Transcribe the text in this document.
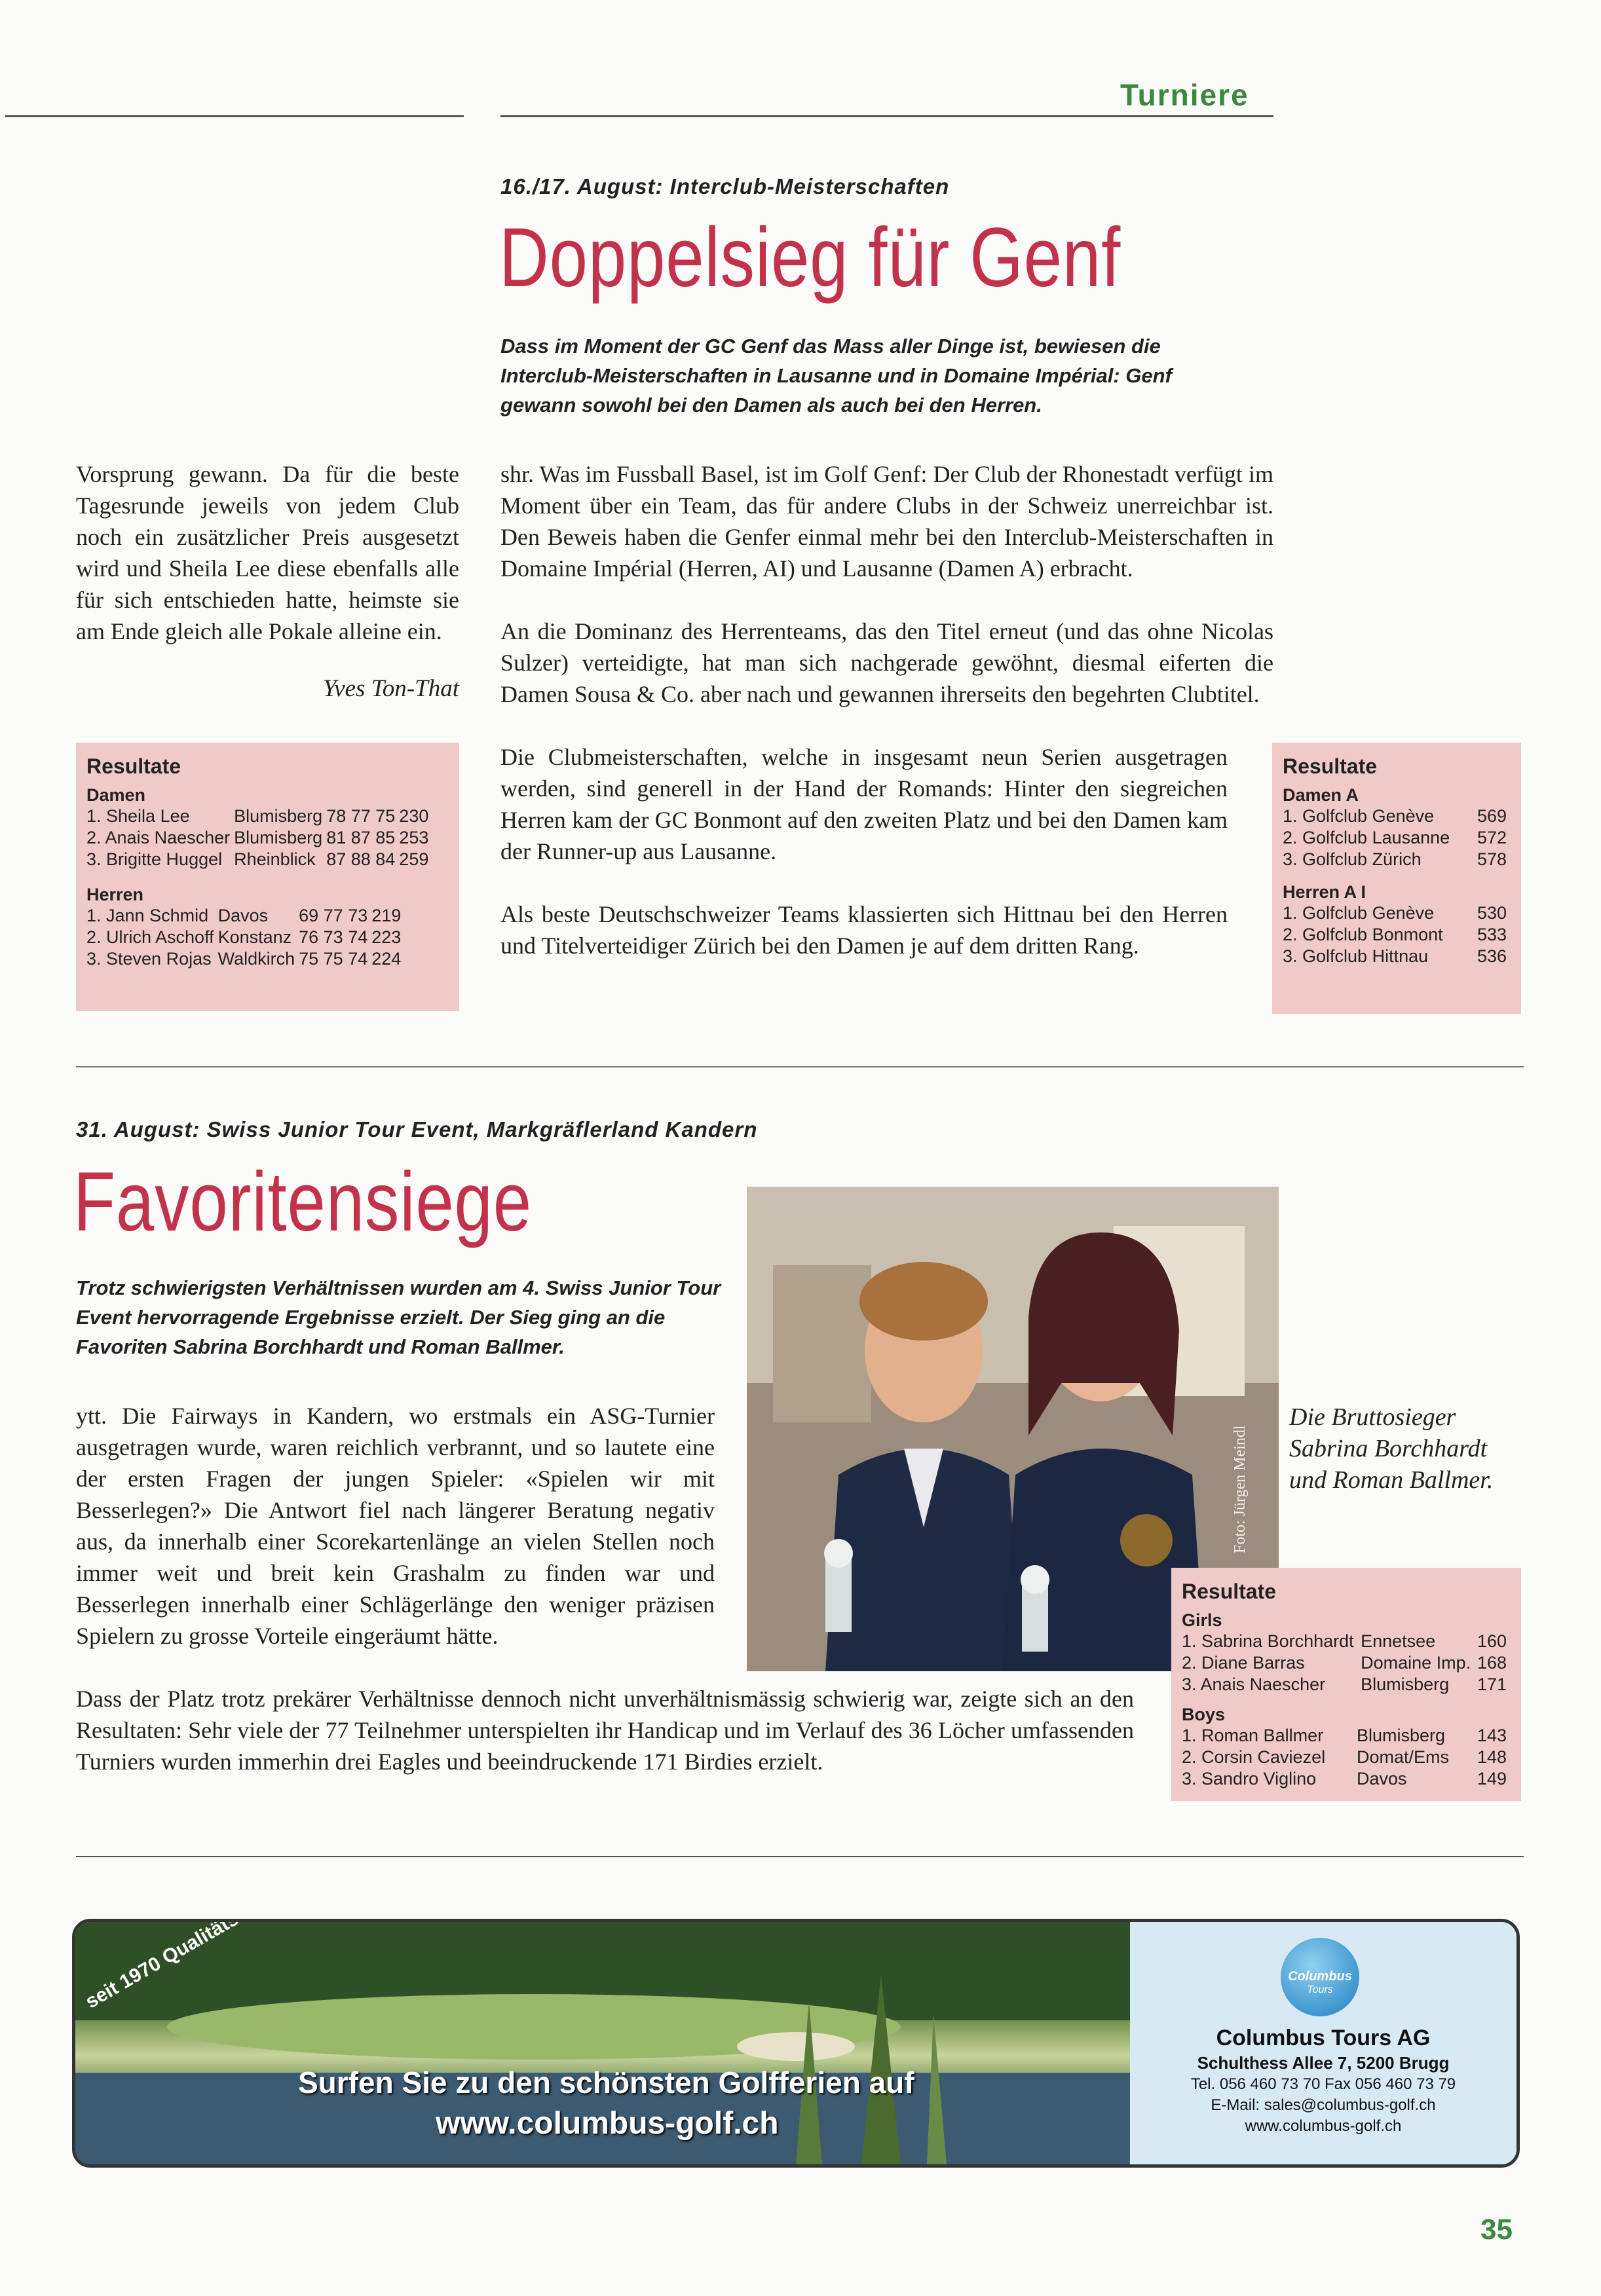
Turniere
16./17. August: Interclub-Meisterschaften
Doppelsieg für Genf
Dass im Moment der GC Genf das Mass aller Dinge ist, bewiesen die Interclub-Meisterschaften in Lausanne und in Domaine Impérial: Genf gewann sowohl bei den Damen als auch bei den Herren.
Vorsprung gewann. Da für die beste Tagesrunde jeweils von jedem Club noch ein zusätzlicher Preis ausgesetzt wird und Sheila Lee diese ebenfalls alle für sich entschieden hatte, heimste sie am Ende gleich alle Pokale alleine ein.
Yves Ton-That
Resultate
Damen
1. Sheila Lee	Blumisberg	78 77 75	230
2. Anais Naescher	Blumisberg	81 87 85	253
3. Brigitte Huggel	Rheinblick	87 88 84	259
Herren
1. Jann Schmid	Davos	69 77 73	219
2. Ulrich Aschoff	Konstanz	76 73 74	223
3. Steven Rojas	Waldkirch	75 75 74	224

shr. Was im Fussball Basel, ist im Golf Genf: Der Club der Rhonestadt verfügt im Moment über ein Team, das für andere Clubs in der Schweiz unerreichbar ist. Den Beweis haben die Genfer einmal mehr bei den Interclub-Meisterschaften in Domaine Impérial (Herren, AI) und Lausanne (Damen A) erbracht.

An die Dominanz des Herrenteams, das den Titel erneut (und das ohne Nicolas Sulzer) verteidigte, hat man sich nachgerade gewöhnt, diesmal eiferten die Damen Sousa & Co. aber nach und gewannen ihrerseits den begehrten Clubtitel.

Die Clubmeisterschaften, welche in insgesamt neun Serien ausgetragen werden, sind generell in der Hand der Romands: Hinter den siegreichen Herren kam der GC Bonmont auf den zweiten Platz und bei den Damen kam der Runner-up aus Lausanne.

Als beste Deutschschweizer Teams klassierten sich Hittnau bei den Herren und Titelverteidiger Zürich bei den Damen je auf dem dritten Rang.

Resultate
Damen A
1. Golfclub Genève	569
2. Golfclub Lausanne	572
3. Golfclub Zürich	578
Herren A I
1. Golfclub Genève	530
2. Golfclub Bonmont	533
3. Golfclub Hittnau	536
31. August: Swiss Junior Tour Event, Markgräflerland Kandern
Favoritensiege
Trotz schwierigsten Verhältnissen wurden am 4. Swiss Junior Tour Event hervorragende Ergebnisse erzielt. Der Sieg ging an die Favoriten Sabrina Borchhardt und Roman Ballmer.
ytt. Die Fairways in Kandern, wo erstmals ein ASG-Turnier ausgetragen wurde, waren reichlich verbrannt, und so lautete eine der ersten Fragen der jungen Spieler: «Spielen wir mit Besserlegen?» Die Antwort fiel nach längerer Beratung negativ aus, da innerhalb einer Scorekartenlänge an vielen Stellen noch immer weit und breit kein Grashalm zu finden war und Besserlegen innerhalb einer Schlägerlänge den weniger präzisen Spielern zu grosse Vorteile eingeräumt hätte.
Dass der Platz trotz prekärer Verhältnisse dennoch nicht unverhältnismässig schwierig war, zeigte sich an den Resultaten: Sehr viele der 77 Teilnehmer unterspielten ihr Handicap und im Verlauf des 36 Löcher umfassenden Turniers wurden immerhin drei Eagles und beeindruckende 171 Birdies erzielt.
Foto: Jürgen Meindl
Die Bruttosieger Sabrina Borchhardt und Roman Ballmer.
Resultate
Girls
1. Sabrina Borchhardt	Ennetsee	160
2. Diane Barras	Domaine Imp.	168
3. Anais Naescher	Blumisberg	171
Boys
1. Roman Ballmer	Blumisberg	143
2. Corsin Caviezel	Domat/Ems	148
3. Sandro Viglino	Davos	149
Surfen Sie zu den schönsten Golfferien auf
www.columbus-golf.ch
Columbus
Tours
Columbus Tours AG
Schulthess Allee 7, 5200 Brugg
Tel. 056 460 73 70 Fax 056 460 73 79
E-Mail: sales@columbus-golf.ch
www.columbus-golf.ch
35
